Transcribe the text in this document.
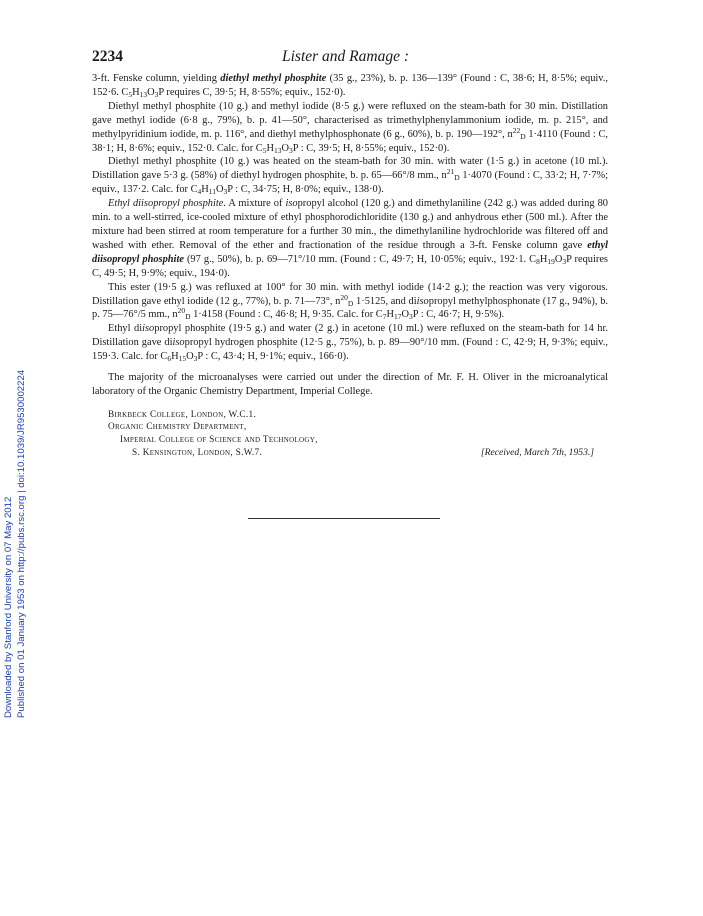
Downloaded by Stanford University on 07 May 2012 Published on 01 January 1953 on http://pubs.rsc.org | doi:10.1039/JR9530002224
2234	Lister and Ramage :

3-ft. Fenske column, yielding diethyl methyl phosphite (35 g., 23%), b. p. 136—139° (Found : C, 38·6; H, 8·5%; equiv., 152·6. C5H13O3P requires C, 39·5; H, 8·55%; equiv., 152·0).

Diethyl methyl phosphite (10 g.) and methyl iodide (8·5 g.) were refluxed on the steam-bath for 30 min. Distillation gave methyl iodide (6·8 g., 79%), b. p. 41—50°, characterised as trimethylphenylammonium iodide, m. p. 215°, and methylpyridinium iodide, m. p. 116°, and diethyl methylphosphonate (6 g., 60%), b. p. 190—192°, $n^{22}D$ 1·4110 (Found : C, 38·1; H, 8·6%; equiv., 152·0. Calc. for C5H13O3P : C, 39·5; H, 8·55%; equiv., 152·0).

Diethyl methyl phosphite (10 g.) was heated on the steam-bath for 30 min. with water (1·5 g.) in acetone (10 ml.). Distillation gave 5·3 g. (58%) of diethyl hydrogen phosphite, b. p. 65—66°/8 mm., $n^{21}D$ 1·4070 (Found : C, 33·2; H, 7·7%; equiv., 137·2. Calc. for C4H11O3P : C, 34·75; H, 8·0%; equiv., 138·0).

Ethyl diisopropyl phosphite. A mixture of isopropyl alcohol (120 g.) and dimethylaniline (242 g.) was added during 80 min. to a well-stirred, ice-cooled mixture of ethyl phosphorodichloridite (130 g.) and anhydrous ether (500 ml.). After the mixture had been stirred at room temperature for a further 30 min., the dimethylaniline hydrochloride was filtered off and washed with ether. Removal of the ether and fractionation of the residue through a 3-ft. Fenske column gave ethyl diisopropyl phosphite (97 g., 50%), b. p. 69—71°/10 mm. (Found : C, 49·7; H, 10·05%; equiv., 192·1. C8H19O3P requires C, 49·5; H, 9·9%; equiv., 194·0).

This ester (19·5 g.) was refluxed at 100° for 30 min. with methyl iodide (14·2 g.); the reaction was very vigorous. Distillation gave ethyl iodide (12 g., 77%), b. p. 71—73°, $n^{20}D$ 1·5125, and diisopropyl methylphosphonate (17 g., 94%), b. p. 75—76°/5 mm., $n^{20}D$ 1·4158 (Found : C, 46·8; H, 9·35. Calc. for C7H17O3P : C, 46·7; H, 9·5%).

Ethyl diisopropyl phosphite (19·5 g.) and water (2 g.) in acetone (10 ml.) were refluxed on the steam-bath for 14 hr. Distillation gave diisopropyl hydrogen phosphite (12·5 g., 75%), b. p. 89—90°/10 mm. (Found : C, 42·9; H, 9·3%; equiv., 159·3. Calc. for C6H15O3P : C, 43·4; H, 9·1%; equiv., 166·0).

The majority of the microanalyses were carried out under the direction of Mr. F. H. Oliver in the microanalytical laboratory of the Organic Chemistry Department, Imperial College.

Birkbeck College, London, W.C.1.
Organic Chemistry Department,
Imperial College of Science and Technology,
S. Kensington, London, S.W.7.	[Received, March 7th, 1953.]
